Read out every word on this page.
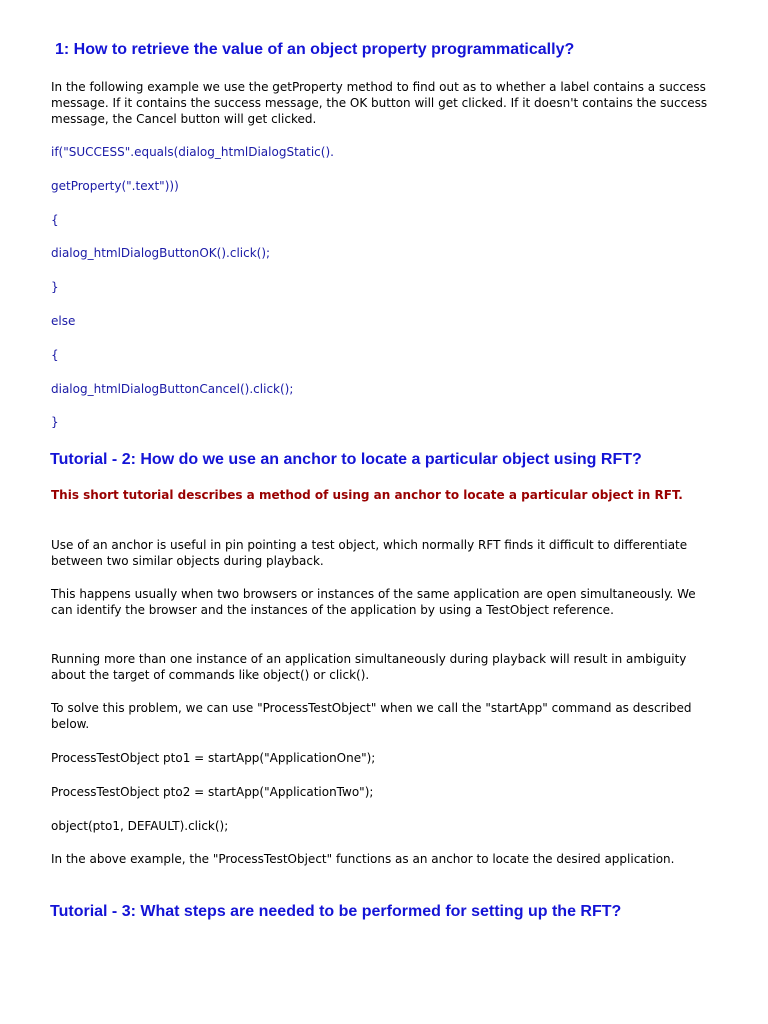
1: How to retrieve the value of an object property programmatically?

In the following example we use the getProperty method to find out as to whether a label contains a success message. If it contains the success message, the OK button will get clicked. If it doesn't contains the success message, the Cancel button will get clicked.

if("SUCCESS".equals(dialog_htmlDialogStatic().

getProperty(".text")))

{

dialog_htmlDialogButtonOK().click();

}

else

{

dialog_htmlDialogButtonCancel().click();

}

Tutorial - 2: How do we use an anchor to locate a particular object using RFT?

This short tutorial describes a method of using an anchor to locate a particular object in RFT.

Use of an anchor is useful in pin pointing a test object, which normally RFT finds it difficult to differentiate between two similar objects during playback.

This happens usually when two browsers or instances of the same application are open simultaneously. We can identify the browser and the instances of the application by using a TestObject reference.

Running more than one instance of an application simultaneously during playback will result in ambiguity about the target of commands like object() or click().

To solve this problem, we can use "ProcessTestObject" when we call the "startApp" command as described below.

ProcessTestObject pto1 = startApp("ApplicationOne");

ProcessTestObject pto2 = startApp("ApplicationTwo");

object(pto1, DEFAULT).click();

In the above example, the "ProcessTestObject" functions as an anchor to locate the desired application.

Tutorial - 3: What steps are needed to be performed for setting up the RFT?
